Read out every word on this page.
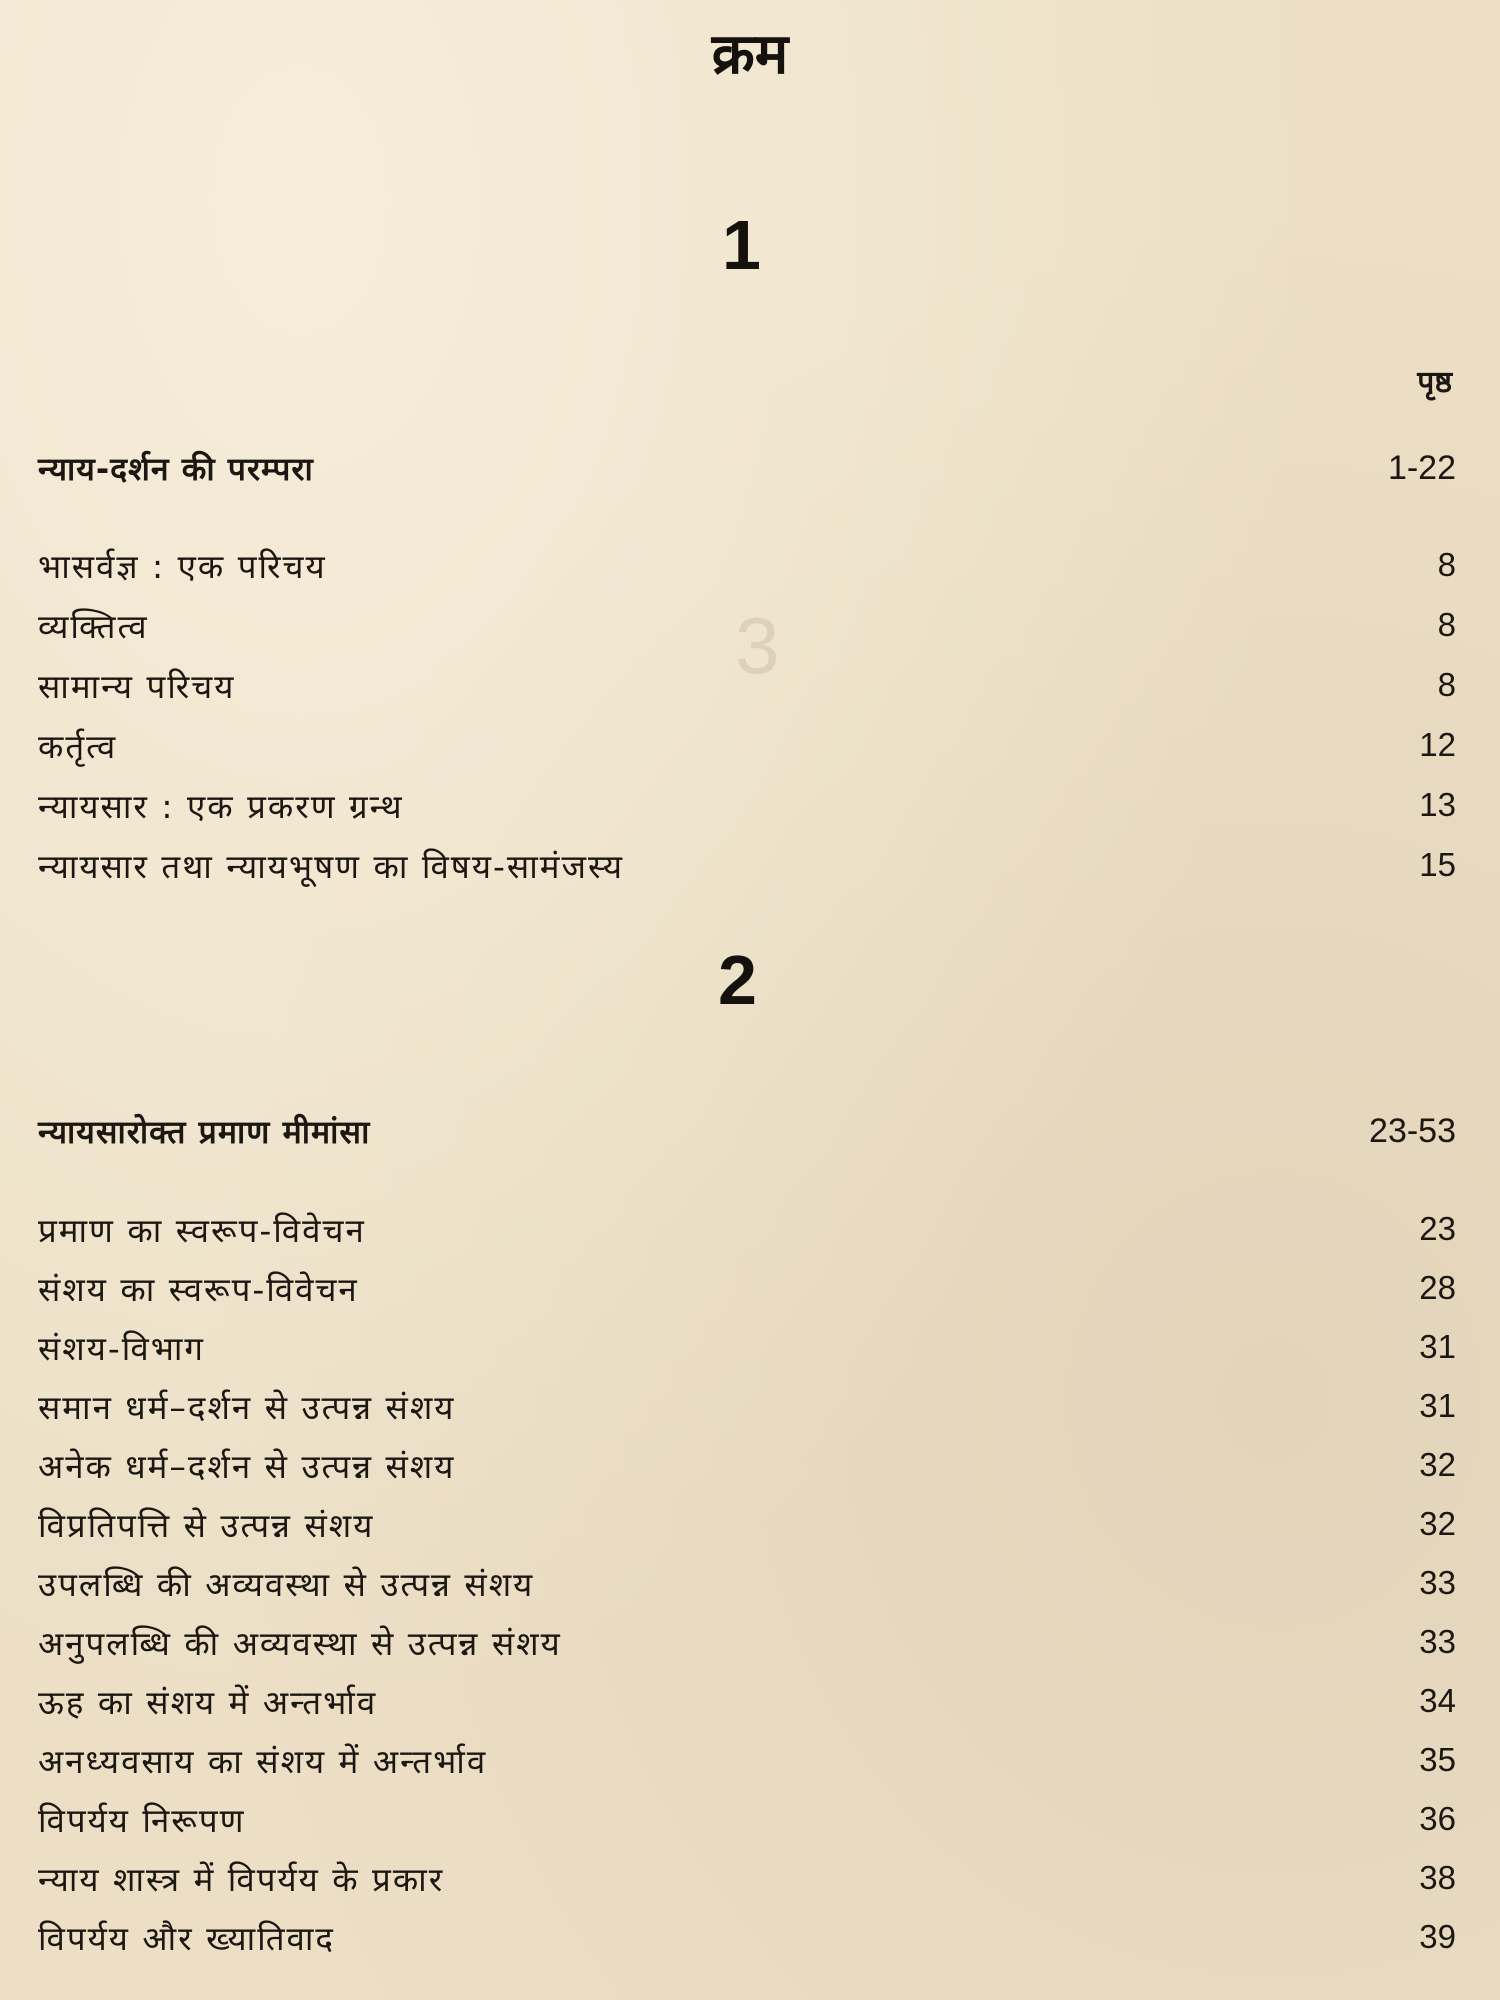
3
क्रम
1
पृष्ठ
न्याय-दर्शन की परम्परा	1-22
भासर्वज्ञ : एक परिचय	8
व्यक्तित्व	8
सामान्य परिचय	8
कर्तृत्व	12
न्यायसार : एक प्रकरण ग्रन्थ	13
न्यायसार तथा न्यायभूषण का विषय-सामंजस्य	15
2
न्यायसारोक्त प्रमाण मीमांसा	23-53
प्रमाण का स्वरूप-विवेचन	23
संशय का स्वरूप-विवेचन	28
संशय-विभाग	31
समान धर्म–दर्शन से उत्पन्न संशय	31
अनेक धर्म–दर्शन से उत्पन्न संशय	32
विप्रतिपत्ति से उत्पन्न संशय	32
उपलब्धि की अव्यवस्था से उत्पन्न संशय	33
अनुपलब्धि की अव्यवस्था से उत्पन्न संशय	33
ऊह का संशय में अन्तर्भाव	34
अनध्यवसाय का संशय में अन्तर्भाव	35
विपर्यय निरूपण	36
न्याय शास्त्र में विपर्यय के प्रकार	38
विपर्यय और ख्यातिवाद	39
